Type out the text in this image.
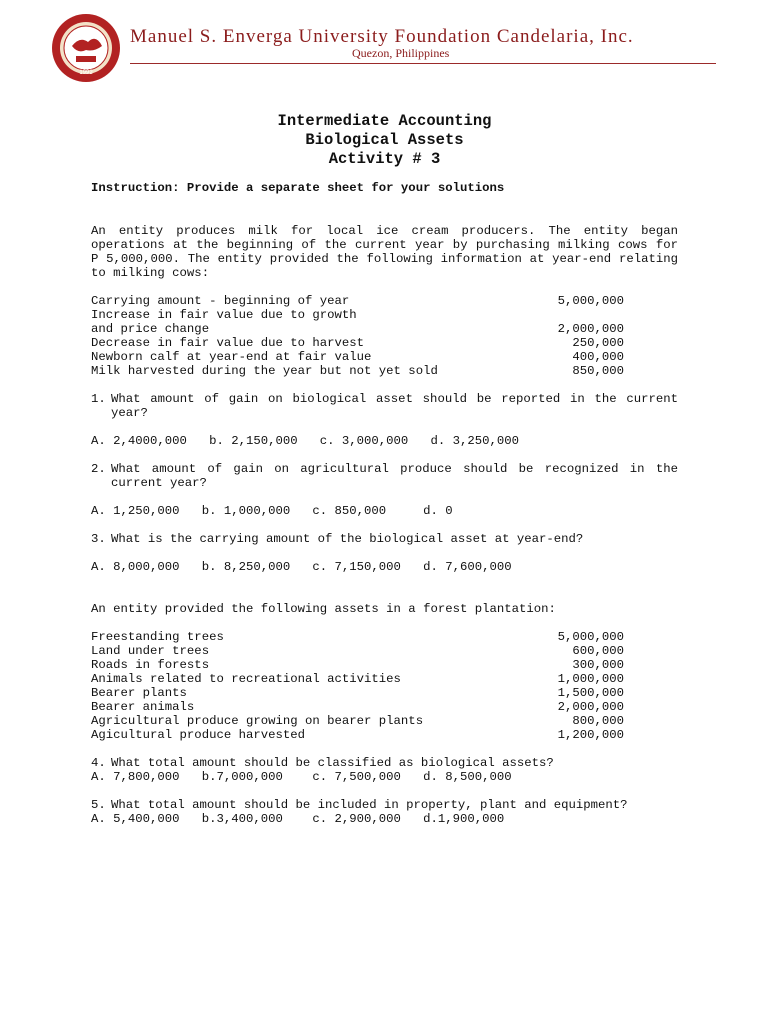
1992
Manuel S. Enverga University Foundation Candelaria, Inc.
Quezon, Philippines
Intermediate Accounting
Biological Assets
Activity # 3
Instruction: Provide a separate sheet for your solutions
An entity produces milk for local ice cream producers. The entity began operations at the beginning of the current year by purchasing milking cows for P 5,000,000. The entity provided the following information at year-end relating to milking cows:
Carrying amount - beginning of year	5,000,000
Increase in fair value due to growth	
and price change	2,000,000
Decrease in fair value due to harvest	250,000
Newborn calf at year-end at fair value	400,000
Milk harvested during the year but not yet sold	850,000
1. What amount of gain on biological asset should be reported in the current year?
A. 2,4000,000   b. 2,150,000   c. 3,000,000   d. 3,250,000
2. What amount of gain on agricultural produce should be recognized in the current year?
A. 1,250,000   b. 1,000,000   c. 850,000     d. 0
3. What is the carrying amount of the biological asset at year-end?
A. 8,000,000   b. 8,250,000   c. 7,150,000   d. 7,600,000
An entity provided the following assets in a forest plantation:
Freestanding trees	5,000,000
Land under trees	600,000
Roads in forests	300,000
Animals related to recreational activities	1,000,000
Bearer plants	1,500,000
Bearer animals	2,000,000
Agricultural produce growing on bearer plants	800,000
Agicultural produce harvested	1,200,000
4. What total amount should be classified as biological assets?
A. 7,800,000   b.7,000,000    c. 7,500,000   d. 8,500,000
5. What total amount should be included in property, plant and equipment?
A. 5,400,000   b.3,400,000    c. 2,900,000   d.1,900,000
